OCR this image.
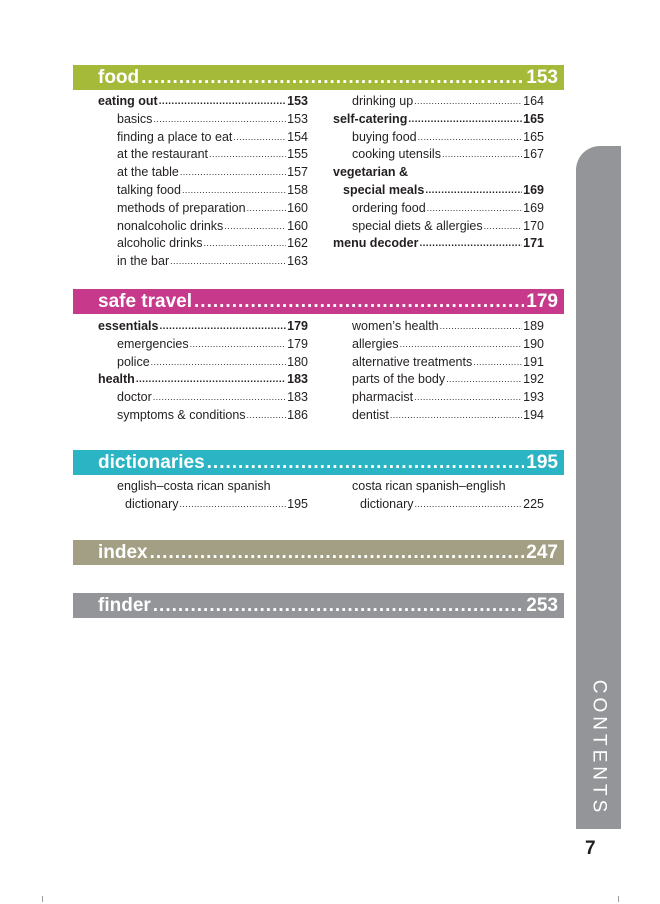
food .....	153
eating out .....	153
basics .....	153
finding a place to eat .....	154
at the restaurant .....	155
at the table .....	157
talking food .....	158
methods of preparation .....	160
nonalcoholic drinks .....	160
alcoholic drinks .....	162
in the bar .....	163
drinking up .....	164
self-catering .....	165
buying food .....	165
cooking utensils .....	167
vegetarian &
special meals .....	169
ordering food .....	169
special diets & allergies .....	170
menu decoder .....	171
safe travel .....	179
essentials .....	179
emergencies .....	179
police .....	180
health .....	183
doctor .....	183
symptoms & conditions .....	186
women’s health .....	189
allergies .....	190
alternative treatments .....	191
parts of the body .....	192
pharmacist .....	193
dentist .....	194
dictionaries .....	195
english–costa rican spanish
dictionary .....	195
costa rican spanish–english
dictionary .....	225
index .....	247
finder .....	253
CONTENTS
7
